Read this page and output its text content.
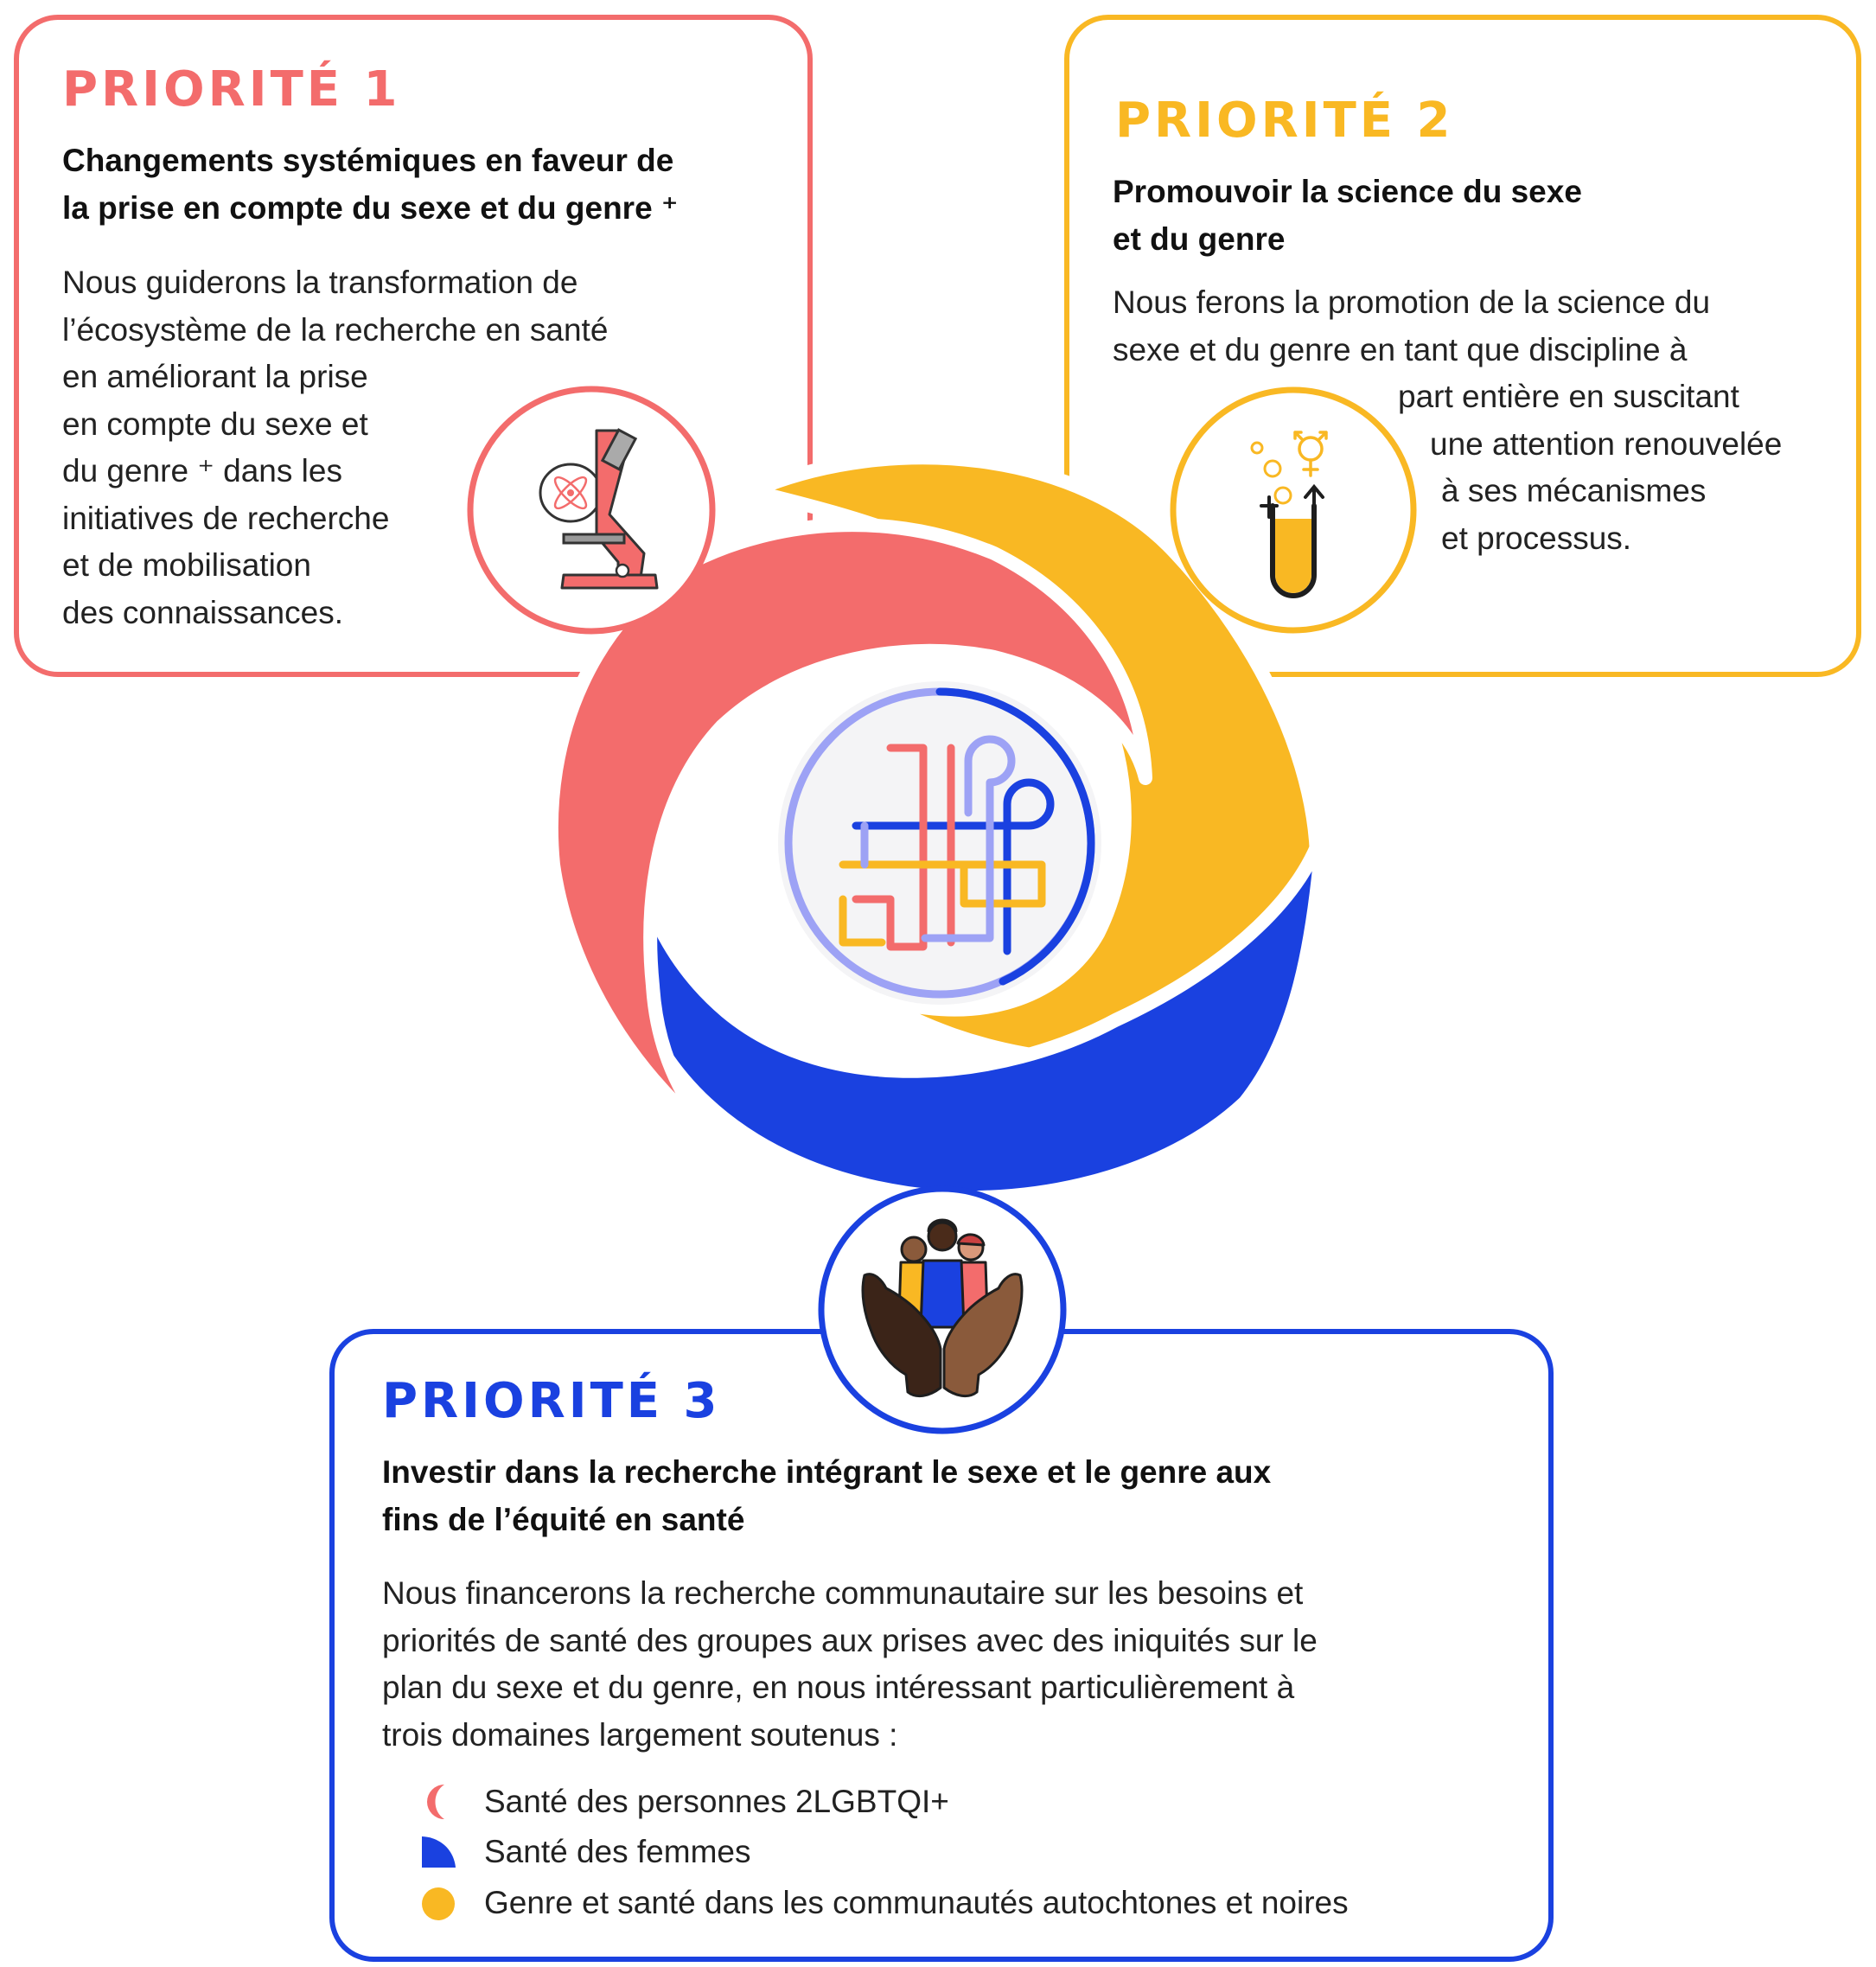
PRIORITÉ 1
Changements systémiques en faveur de
la prise en compte du sexe et du genre ⁺
Nous guiderons la transformation de
l’écosystème de la recherche en santé
en améliorant la prise
en compte du sexe et
du genre ⁺ dans les
initiatives de recherche
et de mobilisation
des connaissances.
PRIORITÉ 2
Promouvoir la science du sexe
et du genre
Nous ferons la promotion de la science du
sexe et du genre en tant que discipline à
part entière en suscitant
une attention renouvelée
à ses mécanismes
et processus.
PRIORITÉ 3
Investir dans la recherche intégrant le sexe et le genre aux
fins de l’équité en santé
Nous financerons la recherche communautaire sur les besoins et
priorités de santé des groupes aux prises avec des iniquités sur le
plan du sexe et du genre, en nous intéressant particulièrement à
trois domaines largement soutenus :
Santé des personnes 2LGBTQI+
Santé des femmes
Genre et santé dans les communautés autochtones et noires
